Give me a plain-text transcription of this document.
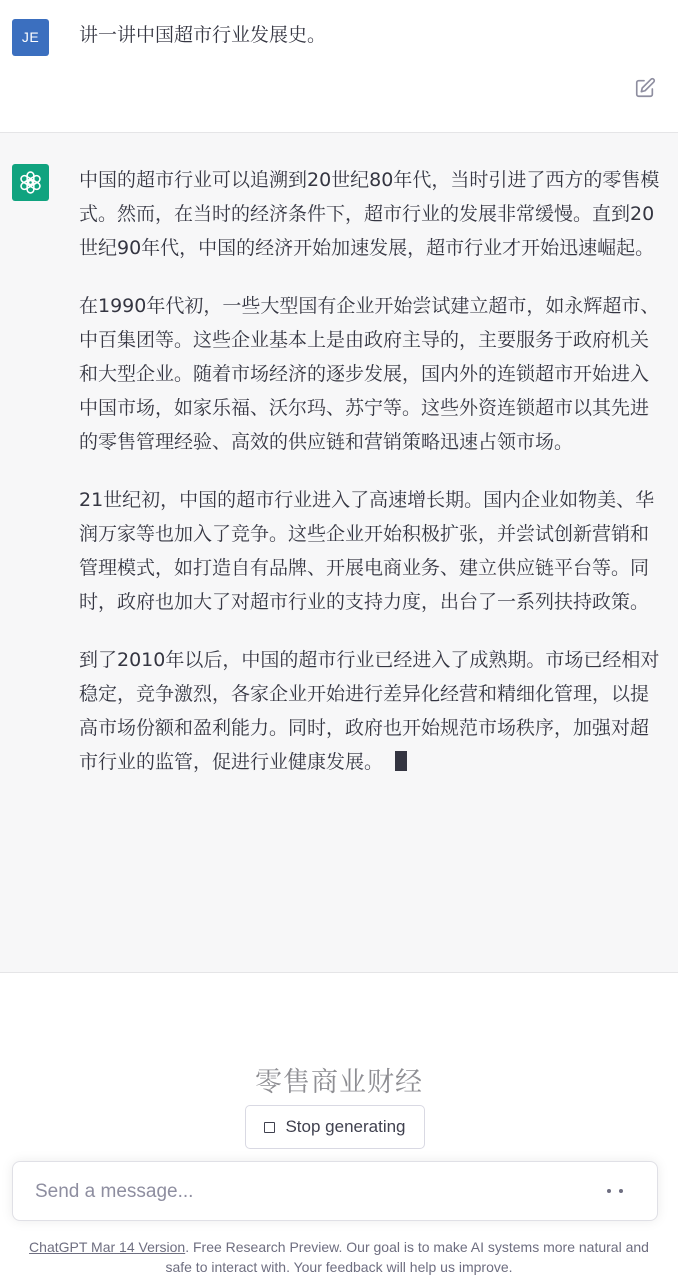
JE	讲一讲中国超市行业发展史。

中国的超市行业可以追溯到20世纪80年代，当时引进了西方的零售模式。然而，在当时的经济条件下，超市行业的发展非常缓慢。直到20世纪90年代，中国的经济开始加速发展，超市行业才开始迅速崛起。

在1990年代初，一些大型国有企业开始尝试建立超市，如永辉超市、中百集团等。这些企业基本上是由政府主导的，主要服务于政府机关和大型企业。随着市场经济的逐步发展，国内外的连锁超市开始进入中国市场，如家乐福、沃尔玛、苏宁等。这些外资连锁超市以其先进的零售管理经验、高效的供应链和营销策略迅速占领市场。

21世纪初，中国的超市行业进入了高速增长期。国内企业如物美、华润万家等也加入了竞争。这些企业开始积极扩张，并尝试创新营销和管理模式，如打造自有品牌、开展电商业务、建立供应链平台等。同时，政府也加大了对超市行业的支持力度，出台了一系列扶持政策。

到了2010年以后，中国的超市行业已经进入了成熟期。市场已经相对稳定，竞争激烈，各家企业开始进行差异化经营和精细化管理，以提高市场份额和盈利能力。同时，政府也开始规范市场秩序，加强对超市行业的监管，促进行业健康发展。

零售商业财经
Stop generating
Send a message...
ChatGPT Mar 14 Version. Free Research Preview. Our goal is to make AI systems more natural and safe to interact with. Your feedback will help us improve.
